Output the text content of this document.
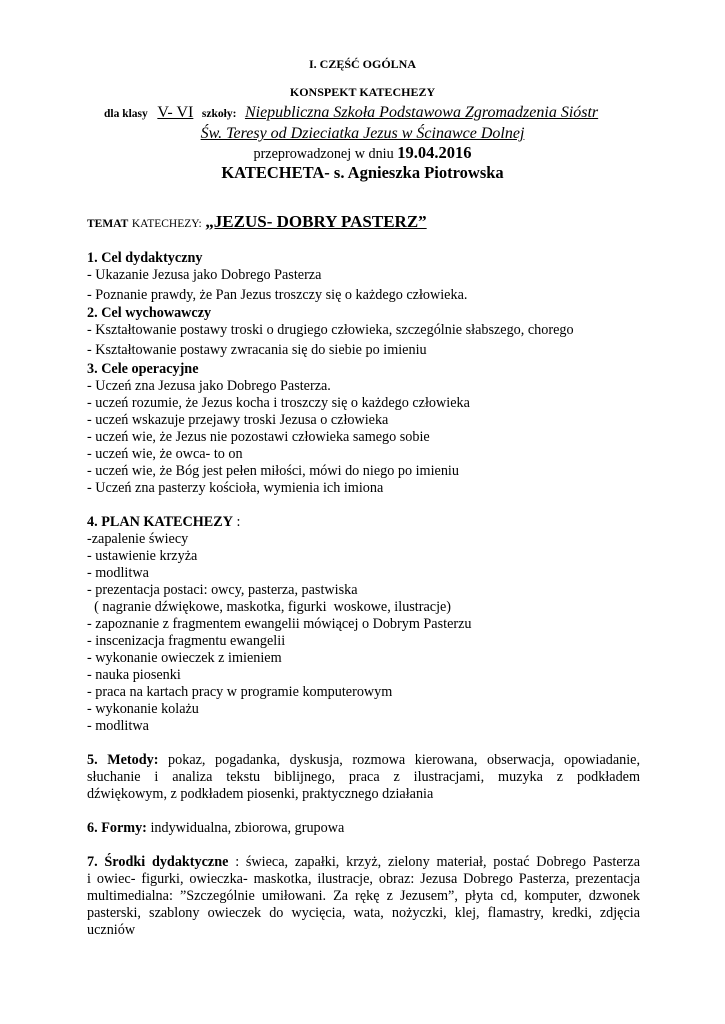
I. CZĘŚĆ OGÓLNA
KONSPEKT KATECHEZY
dla klasy V- VI szkoły: Niepubliczna Szkoła Podstawowa Zgromadzenia Sióstr
Św. Teresy od Dzieciatka Jezus w Ścinawce Dolnej
przeprowadzonej w dniu 19.04.2016
KATECHETA- s. Agnieszka Piotrowska
TEMAT KATECHEZY: „JEZUS- DOBRY PASTERZ”
1. Cel dydaktyczny
- Ukazanie Jezusa jako Dobrego Pasterza
- Poznanie prawdy, że Pan Jezus troszczy się o każdego człowieka.
2. Cel wychowawczy
- Kształtowanie postawy troski o drugiego człowieka, szczególnie słabszego, chorego
- Kształtowanie postawy zwracania się do siebie po imieniu
3. Cele operacyjne
- Uczeń zna Jezusa jako Dobrego Pasterza.
- uczeń rozumie, że Jezus kocha i troszczy się o każdego człowieka
- uczeń wskazuje przejawy troski Jezusa o człowieka
- uczeń wie, że Jezus nie pozostawi człowieka samego sobie
- uczeń wie, że owca- to on
- uczeń wie, że Bóg jest pełen miłości, mówi do niego po imieniu
- Uczeń zna pasterzy kościoła, wymienia ich imiona
4. PLAN KATECHEZY :
-zapalenie świecy
- ustawienie krzyża
- modlitwa
- prezentacja postaci: owcy, pasterza, pastwiska
( nagranie dźwiękowe, maskotka, figurki  woskowe, ilustracje)
- zapoznanie z fragmentem ewangelii mówiącej o Dobrym Pasterzu
- inscenizacja fragmentu ewangelii
- wykonanie owieczek z imieniem
- nauka piosenki
- praca na kartach pracy w programie komputerowym
- wykonanie kolażu
- modlitwa
5. Metody: pokaz, pogadanka, dyskusja, rozmowa kierowana, obserwacja, opowiadanie,
słuchanie i analiza tekstu biblijnego, praca z ilustracjami, muzyka z podkładem
dźwiękowym, z podkładem piosenki, praktycznego działania
6. Formy: indywidualna, zbiorowa, grupowa
7. Środki dydaktyczne : świeca, zapałki, krzyż, zielony materiał, postać Dobrego Pasterza
i owiec- figurki, owieczka- maskotka, ilustracje, obraz: Jezusa Dobrego Pasterza, prezentacja
multimedialna: ”Szczególnie umiłowani. Za rękę z Jezusem”, płyta cd, komputer, dzwonek
pasterski, szablony owieczek do wycięcia, wata, nożyczki, klej, flamastry, kredki, zdjęcia
uczniów
